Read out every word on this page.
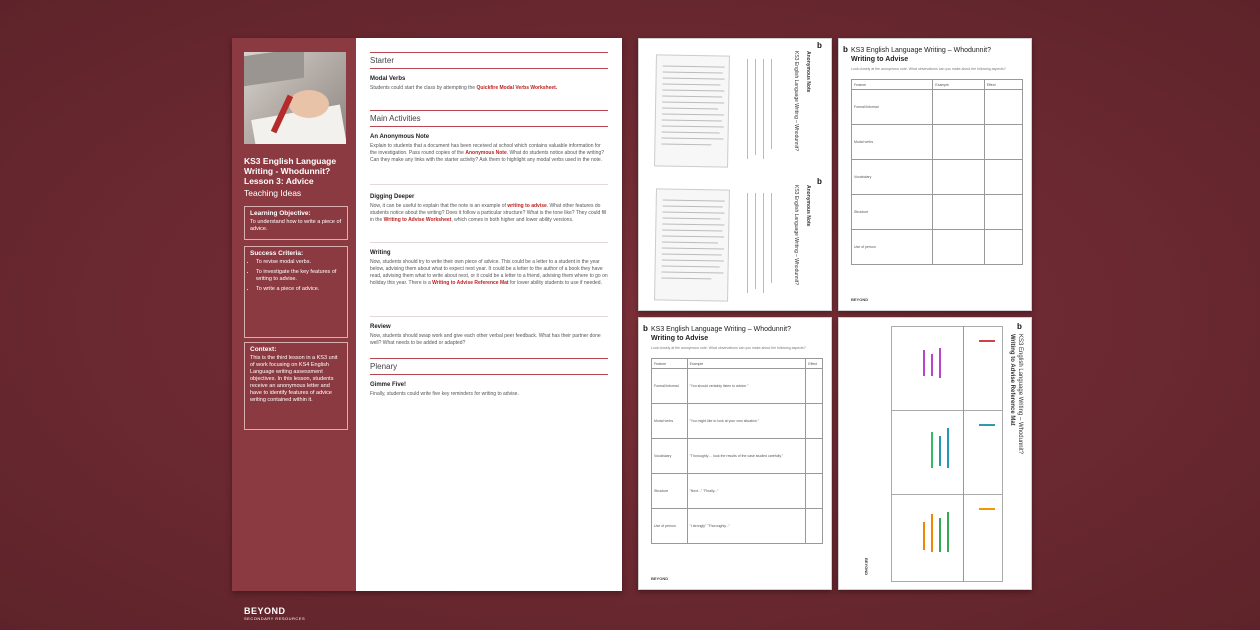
KS3 English Language Writing - Whodunnit? Lesson 3: Advice
Teaching Ideas
Learning Objective:
To understand how to write a piece of advice.
Success Criteria:
• To revise modal verbs.
• To investigate the key features of writing to advise.
• To write a piece of advice.
Context:
This is the third lesson in a KS3 unit of work focusing on KS4 English Language writing assessment objectives. In this lesson, students receive an anonymous letter and have to identify features of advice writing contained within it.
BEYOND
SECONDARY RESOURCES
Starter
Modal Verbs
Students could start the class by attempting the Quickfire Modal Verbs Worksheet.
Main Activities
An Anonymous Note
Explain to students that a document has been received at school which contains valuable information for the investigation. Pass round copies of the Anonymous Note. What do students notice about the writing? Can they make any links with the starter activity? Ask them to highlight any modal verbs used in the note.
Digging Deeper
Now, it can be useful to explain that the note is an example of writing to advise. What other features do students notice about the writing? Does it follow a particular structure? What is the tone like? They could fill in the Writing to Advise Worksheet, which comes in both higher and lower ability versions.
Writing
Now, students should try to write their own piece of advice. This could be a letter to a student in the year below, advising them about what to expect next year. It could be a letter to the author of a book they have read, advising them what to write about next, or it could be a letter to a friend, advising them where to go on holiday this year. There is a Writing to Advise Reference Mat for lower ability students to use if needed.
Review
Now, students should swap work and give each other verbal peer feedback. What has their partner done well? What needs to be added or adapted?
Plenary
Gimme Five!
Finally, students could write five key reminders for writing to advise.
KS3 English Language Writing – Whodunnit? Anonymous Note
b
KS3 English Language Writing – Whodunnit? Anonymous Note
b
b KS3 English Language Writing – Whodunnit?
Writing to Advise
Look closely at the anonymous note. What observations can you make about the following aspects?
Feature	Example	Effect
Formal/Informal		
Modal verbs		
Vocabulary		
Structure		
Use of person		
BEYOND
b KS3 English Language Writing – Whodunnit?
Writing to Advise
Look closely at the anonymous note. What observations can you make about the following aspects?
Feature	Example	Effect
Formal/Informal	"You should certainly listen to advice."	
Modal verbs	"You might like to look at your own situation."	
Vocabulary	"Thoroughly ... look the results of the case studied carefully."	
Structure	"Next..." "Finally..."	
Use of person	"I strongly" "Thoroughly..."	
BEYOND
b
KS3 English Language Writing – Whodunnit?
Writing to Advise Reference Mat
BEYOND
